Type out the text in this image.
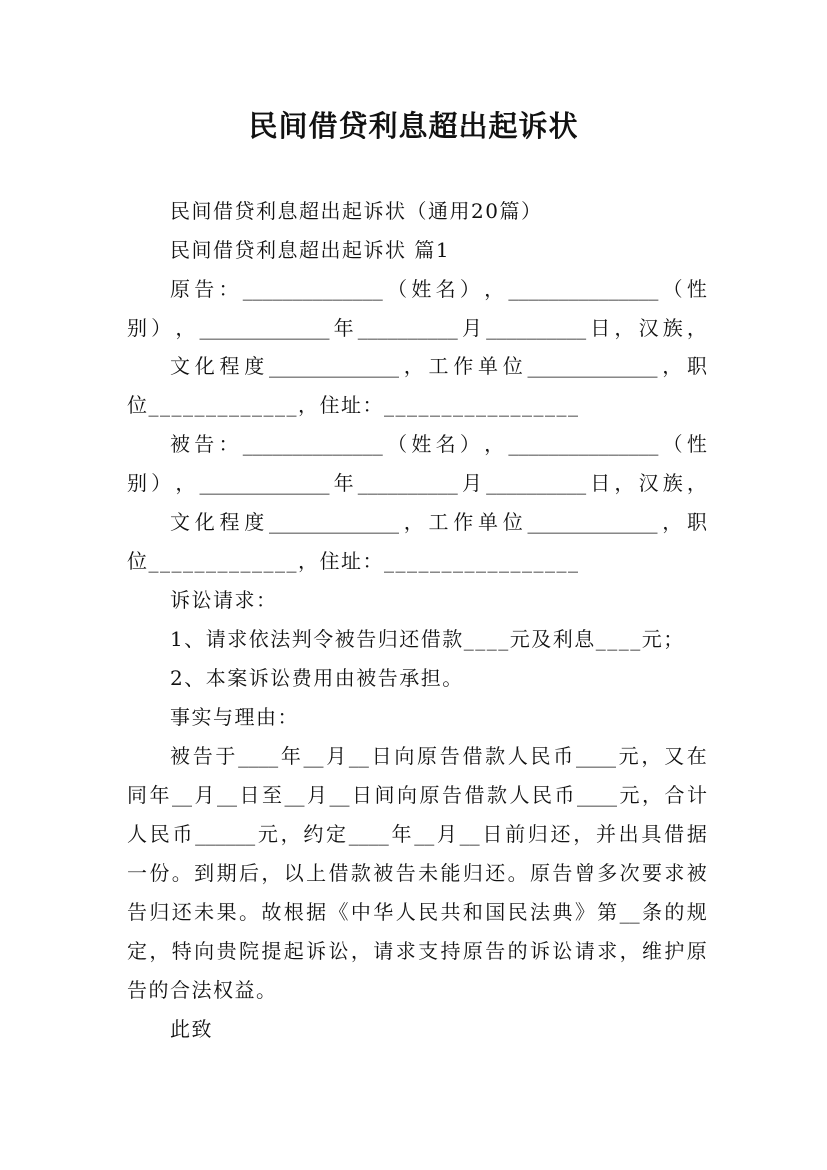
民间借贷利息超出起诉状
民间借贷利息超出起诉状（通用20篇）
民间借贷利息超出起诉状 篇1
原 告 ： ______________ （ 姓 名 ） ， _______________ （ 性
别 ） ， _____________ 年 __________ 月 __________ 日 ， 汉 族 ，
文 化 程 度 _____________ ， 工 作 单 位 _____________ ， 职
位_____________，住址：_________________
被 告 ： ______________ （ 姓 名 ） ， _______________ （ 性
别 ） ， _____________ 年 __________ 月 __________ 日 ， 汉 族 ，
文 化 程 度 _____________ ， 工 作 单 位 _____________ ， 职
位_____________，住址：_________________
诉讼请求：
1、请求依法判令被告归还借款____元及利息____元；
2、本案诉讼费用由被告承担。
事实与理由：
被 告 于 ____ 年 __ 月 __ 日 向 原 告 借 款 人 民 币 ____ 元 ， 又 在
同 年 __ 月 __ 日 至 __ 月 __ 日 间 向 原 告 借 款 人 民 币 ____ 元 ， 合 计
人 民 币 ______ 元 ， 约 定 ____ 年 __ 月 __ 日 前 归 还 ， 并 出 具 借 据
一 份 。 到 期 后 ， 以 上 借 款 被 告 未 能 归 还 。 原 告 曾 多 次 要 求 被
告 归 还 未 果 。 故 根 据 《 中 华 人 民 共 和 国 民 法 典 》 第 __ 条 的 规
定 ， 特 向 贵 院 提 起 诉 讼 ， 请 求 支 持 原 告 的 诉 讼 请 求 ， 维 护 原
告的合法权益。
此致
